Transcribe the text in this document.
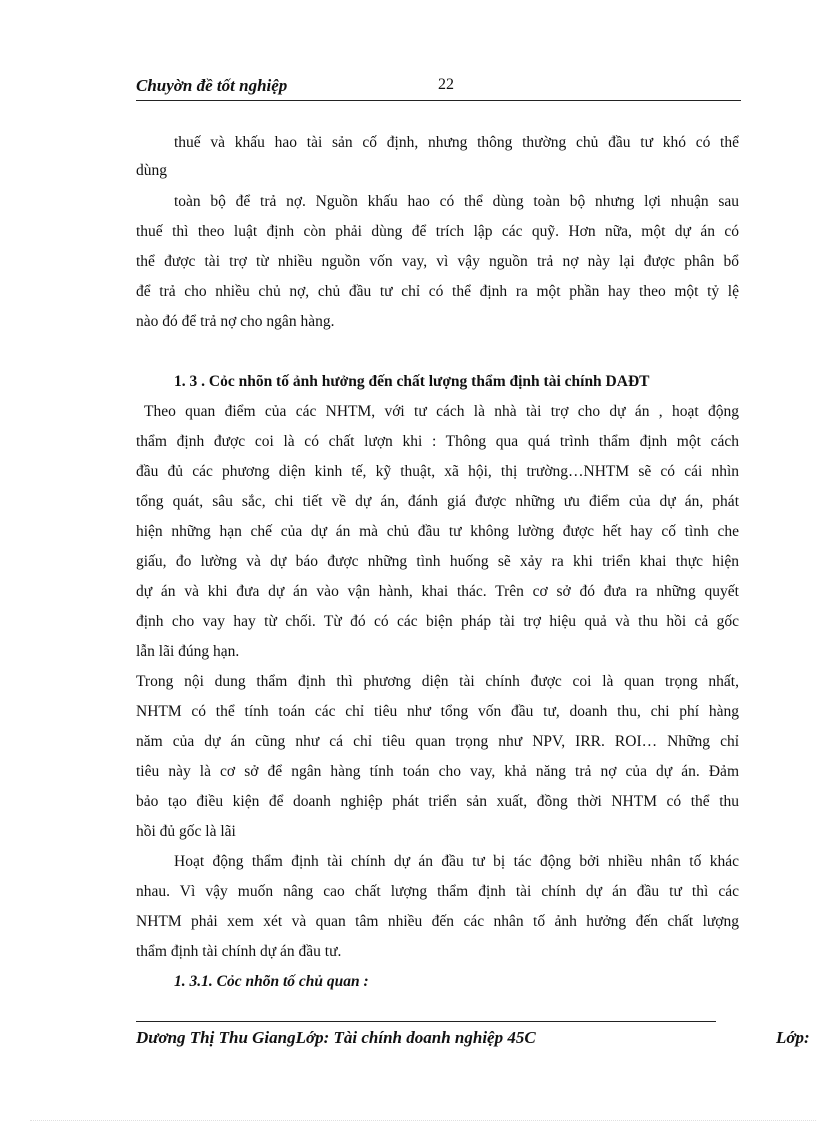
Chuyờn đề tốt nghiệp	22
thuế và khấu hao tài sản cố định, nhưng thông thường chủ đầu tư khó có thể
dùng
toàn bộ để trả nợ. Nguồn khấu hao có thể dùng toàn bộ nhưng lợi nhuận sau
thuế thì theo luật định còn phải dùng để trích lập các quỹ. Hơn nữa, một dự án có
thể được tài trợ từ nhiều nguồn vốn vay, vì vậy nguồn trả nợ này lại được phân bổ
để trả cho nhiều chủ nợ, chủ đầu tư chỉ có thể định ra một phần hay theo một tỷ lệ
nào đó để trả nợ cho ngân hàng.
1. 3 . Cỏc nhõn tố ảnh hưởng đến chất lượng thẩm định tài chính DAĐT
Theo quan điểm của các NHTM, với tư cách là nhà tài trợ cho dự án , hoạt động
thẩm định được coi là có chất lượn khi : Thông qua quá trình thẩm định một cách
đầu đủ các phương diện kinh tế, kỹ thuật, xã hội, thị trường…NHTM sẽ có cái nhìn
tổng quát, sâu sắc, chi tiết về dự án, đánh giá được những ưu điểm của dự án, phát
hiện những hạn chế của dự án mà chủ đầu tư không lường được hết hay cố tình che
giấu, đo lường và dự báo được những tình huống sẽ xảy ra khi triển khai thực hiện
dự án và khi đưa dự án vào vận hành, khai thác. Trên cơ sở đó đưa ra những quyết
định cho vay hay từ chối. Từ đó có các biện pháp tài trợ hiệu quả và thu hồi cả gốc
lẫn lãi đúng hạn.
Trong nội dung thẩm định thì phương diện tài chính được coi là quan trọng nhất,
NHTM có thể tính toán các chỉ tiêu như tổng vốn đầu tư, doanh thu, chi phí hàng
năm của dự án cũng như cá chỉ tiêu quan trọng như NPV, IRR. ROI… Những chỉ
tiêu này là cơ sở để ngân hàng tính toán cho vay, khả năng trả nợ của dự án. Đảm
bảo tạo điều kiện để doanh nghiệp phát triển sản xuất, đồng thời NHTM có thể thu
hồi đủ gốc là lãi
Hoạt động thẩm định tài chính dự án đầu tư bị tác động bởi nhiều nhân tố khác
nhau. Vì vậy muốn nâng cao chất lượng thẩm định tài chính dự án đầu tư thì các
NHTM phải xem xét và quan tâm nhiều đến các nhân tố ảnh hưởng đến chất lượng
thẩm định tài chính dự án đầu tư.
1. 3.1. Cỏc nhõn tố chủ quan :
Dương Thị Thu GiangLớp: Tài chính doanh nghiệp 45C	Lớp:
